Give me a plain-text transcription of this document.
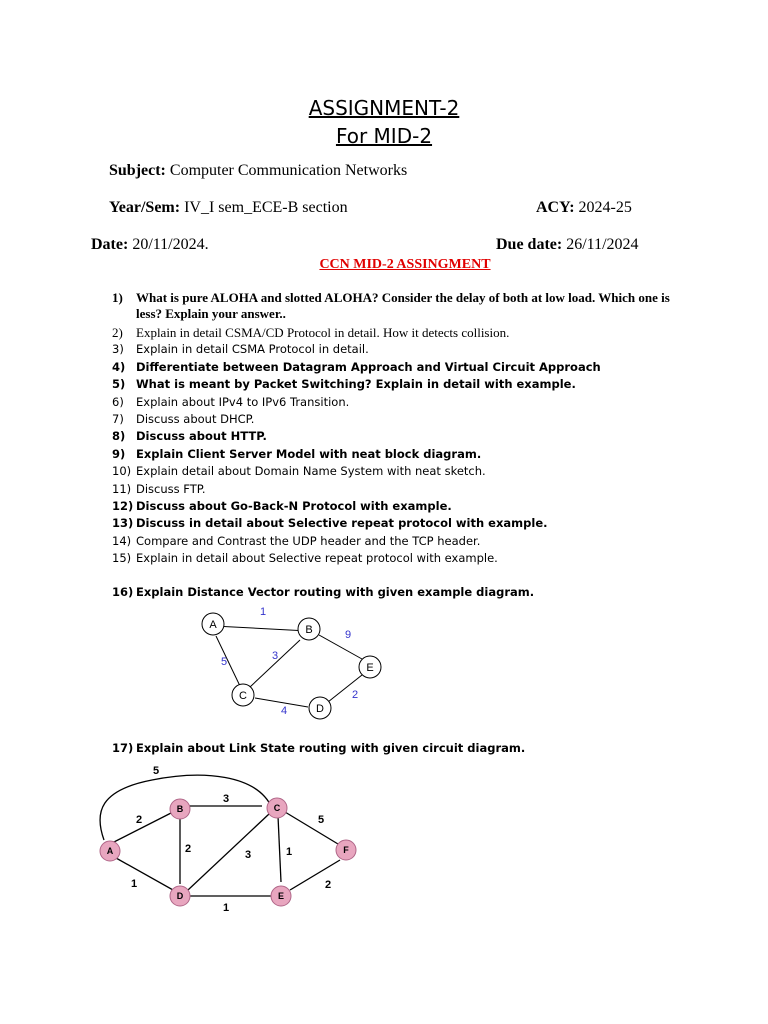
ASSIGNMENT-2
For MID-2
Subject: Computer Communication Networks
Year/Sem: IV_I sem_ECE-B section	ACY: 2024-25
Date: 20/11/2024.	Due date: 26/11/2024
CCN MID-2 ASSINGMENT
1)	What is pure ALOHA and slotted ALOHA? Consider the delay of both at low load. Which one is less? Explain your answer..
2)	Explain in detail CSMA/CD Protocol in detail. How it detects collision.
3)	Explain in detail CSMA Protocol in detail.
4) Differentiate between Datagram Approach and Virtual Circuit Approach
5) What is meant by Packet Switching? Explain in detail with example.
6)	Explain about IPv4 to IPv6 Transition.
7)	Discuss about DHCP.
8) Discuss about HTTP.
9) Explain Client Server Model with neat block diagram.
10) Explain detail about Domain Name System with neat sketch.
11) Discuss FTP.
12) Discuss about Go-Back-N Protocol with example.
13) Discuss in detail about Selective repeat protocol with example.
14) Compare and Contrast the UDP header and the TCP header.
15) Explain in detail about Selective repeat protocol with example.
16) Explain Distance Vector routing with given example diagram.
A	B
C
D
E
1
5	3
9
4
2
17) Explain about Link State routing with given circuit diagram.
A
B	C
D	E
F
5
2
3
2	3	1
5
1
1
2
